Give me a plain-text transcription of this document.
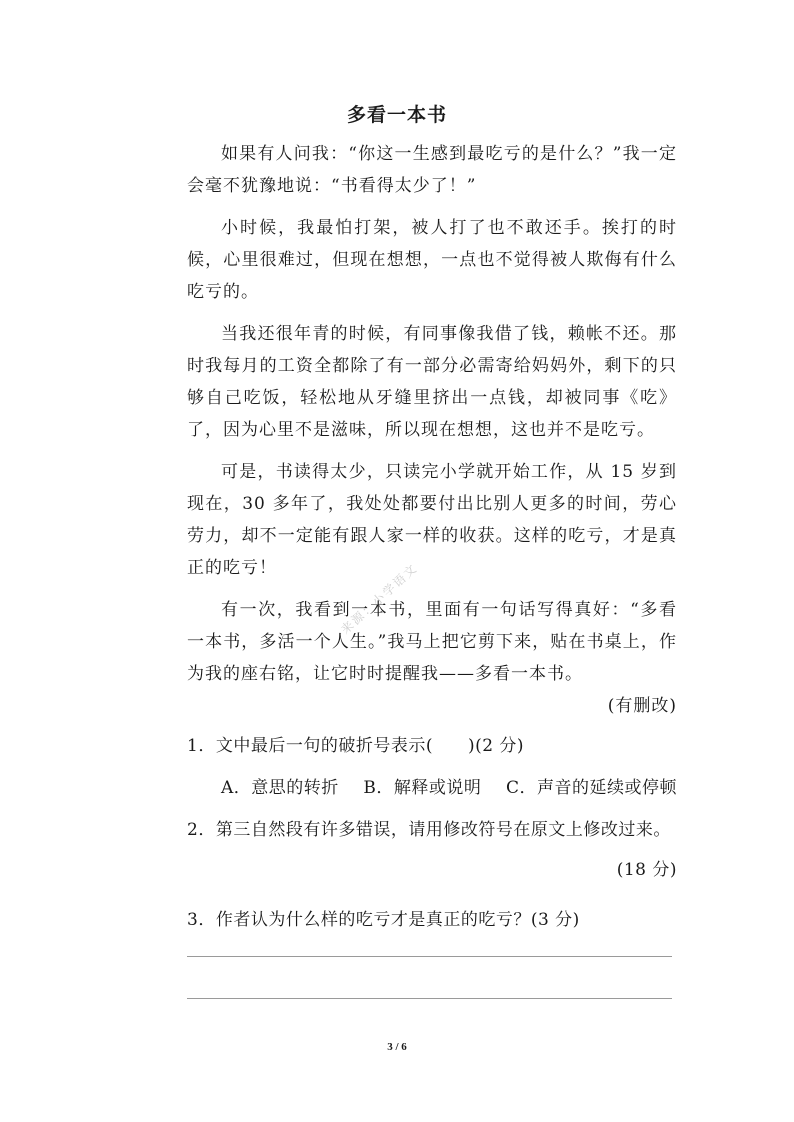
多看一本书

如果有人问我：“你这一生感到最吃亏的是什么？”我一定会毫不犹豫地说：“书看得太少了！”

小时候，我最怕打架，被人打了也不敢还手。挨打的时候，心里很难过，但现在想想，一点也不觉得被人欺侮有什么吃亏的。

当我还很年青的时候，有同事像我借了钱，赖帐不还。那时我每月的工资全都除了有一部分必需寄给妈妈外，剩下的只够自己吃饭，轻松地从牙缝里挤出一点钱，却被同事《吃》了，因为心里不是滋味，所以现在想想，这也并不是吃亏。

可是，书读得太少，只读完小学就开始工作，从 15 岁到现在，30 多年了，我处处都要付出比别人更多的时间，劳心劳力，却不一定能有跟人家一样的收获。这样的吃亏，才是真正的吃亏！

有一次，我看到一本书，里面有一句话写得真好：“多看一本书，多活一个人生。”我马上把它剪下来，贴在书桌上，作为我的座右铭，让它时时提醒我——多看一本书。
(有删改)

来源：小学语文

1．文中最后一句的破折号表示(　　)(2 分)

A．意思的转折 B．解释或说明 C．声音的延续或停顿

2．第三自然段有许多错误，请用修改符号在原文上修改过来。

(18 分)

3．作者认为什么样的吃亏才是真正的吃亏？(3 分)

3 / 6
